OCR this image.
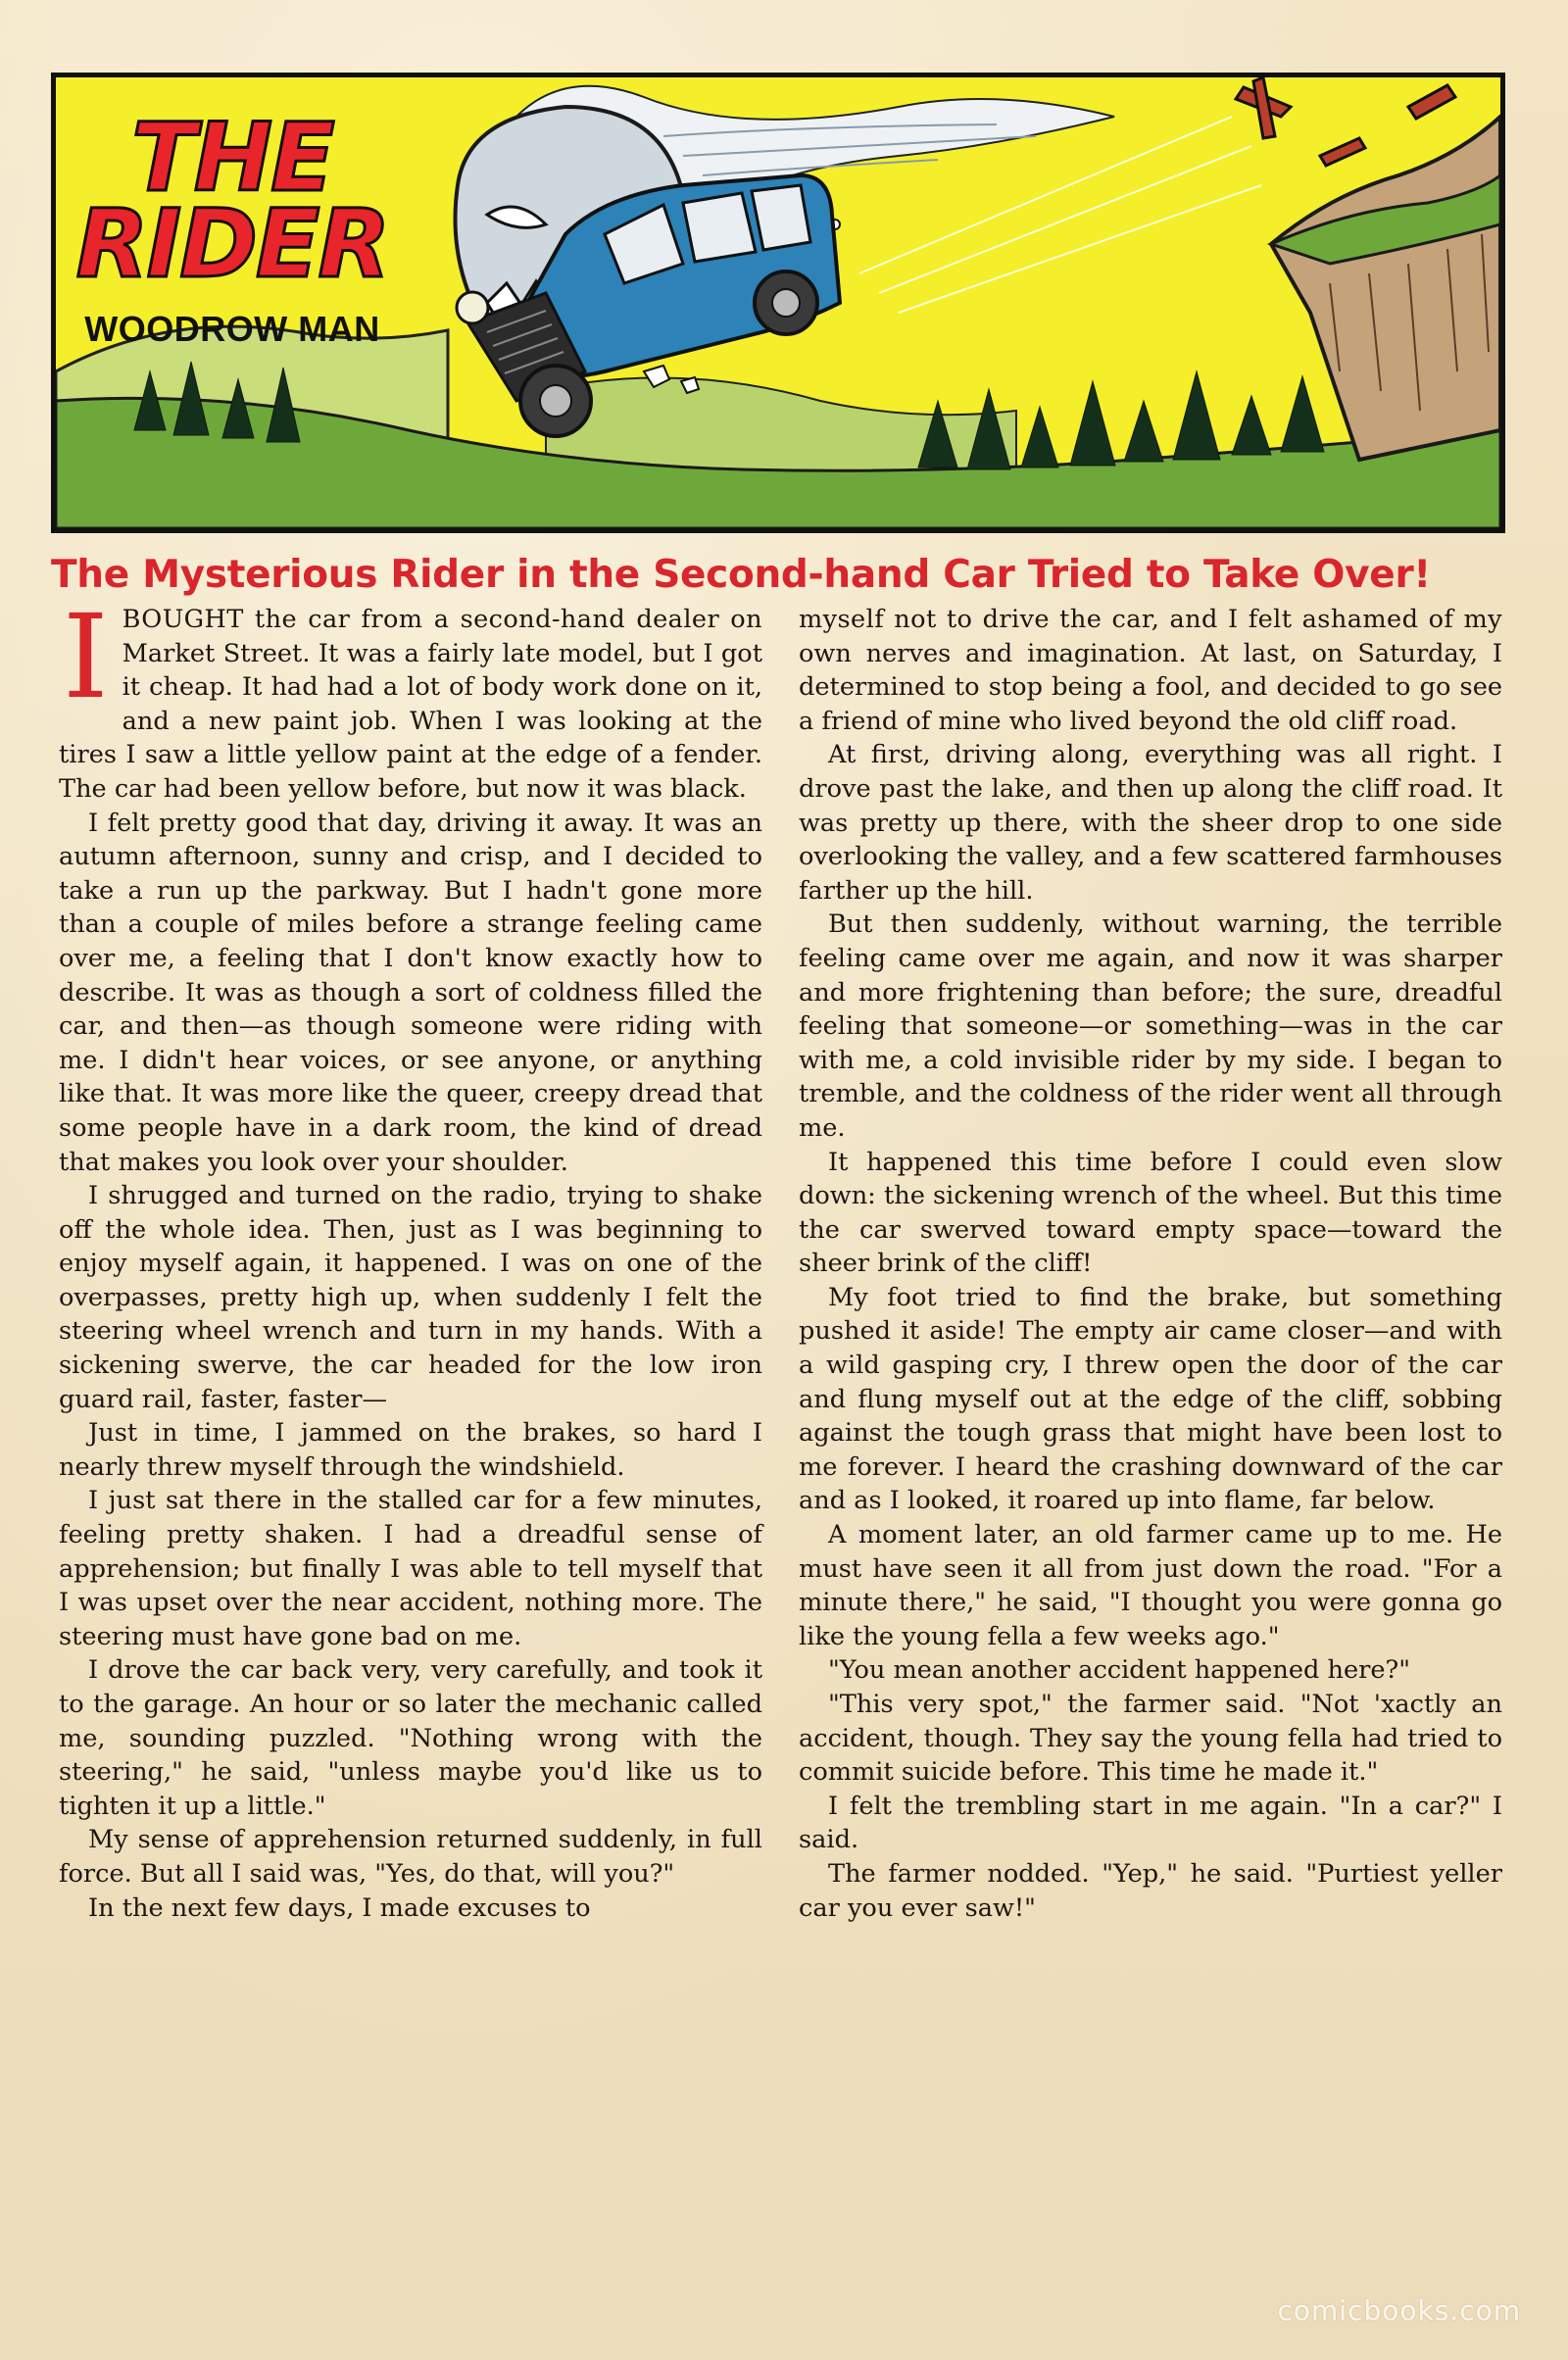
THE
RIDER
WOODROW MAN
The Mysterious Rider in the Second-hand Car Tried to Take Over!

IBOUGHT the car from a second-hand dealer on Market Street. It was a fairly late model, but I got it cheap. It had had a lot of body work done on it, and a new paint job. When I was looking at the tires I saw a little yellow paint at the edge of a fender. The car had been yellow before, but now it was black.

I felt pretty good that day, driving it away. It was an autumn afternoon, sunny and crisp, and I decided to take a run up the parkway. But I hadn't gone more than a couple of miles before a strange feeling came over me, a feeling that I don't know exactly how to describe. It was as though a sort of coldness filled the car, and then—as though someone were riding with me. I didn't hear voices, or see anyone, or anything like that. It was more like the queer, creepy dread that some people have in a dark room, the kind of dread that makes you look over your shoulder.

I shrugged and turned on the radio, trying to shake off the whole idea. Then, just as I was beginning to enjoy myself again, it happened. I was on one of the overpasses, pretty high up, when suddenly I felt the steering wheel wrench and turn in my hands. With a sickening swerve, the car headed for the low iron guard rail, faster, faster—

Just in time, I jammed on the brakes, so hard I nearly threw myself through the windshield.

I just sat there in the stalled car for a few minutes, feeling pretty shaken. I had a dreadful sense of apprehension; but finally I was able to tell myself that I was upset over the near accident, nothing more. The steering must have gone bad on me.

I drove the car back very, very carefully, and took it to the garage. An hour or so later the mechanic called me, sounding puzzled. "Nothing wrong with the steering," he said, "unless maybe you'd like us to tighten it up a little."

My sense of apprehension returned suddenly, in full force. But all I said was, "Yes, do that, will you?"

In the next few days, I made excuses to

myself not to drive the car, and I felt ashamed of my own nerves and imagination. At last, on Saturday, I determined to stop being a fool, and decided to go see a friend of mine who lived beyond the old cliff road.

At first, driving along, everything was all right. I drove past the lake, and then up along the cliff road. It was pretty up there, with the sheer drop to one side overlooking the valley, and a few scattered farmhouses farther up the hill.

But then suddenly, without warning, the terrible feeling came over me again, and now it was sharper and more frightening than before; the sure, dreadful feeling that someone—or something—was in the car with me, a cold invisible rider by my side. I began to tremble, and the coldness of the rider went all through me.

It happened this time before I could even slow down: the sickening wrench of the wheel. But this time the car swerved toward empty space—toward the sheer brink of the cliff!

My foot tried to find the brake, but something pushed it aside! The empty air came closer—and with a wild gasping cry, I threw open the door of the car and flung myself out at the edge of the cliff, sobbing against the tough grass that might have been lost to me forever. I heard the crashing downward of the car and as I looked, it roared up into flame, far below.

A moment later, an old farmer came up to me. He must have seen it all from just down the road. "For a minute there," he said, "I thought you were gonna go like the young fella a few weeks ago."

"You mean another accident happened here?"

"This very spot," the farmer said. "Not 'xactly an accident, though. They say the young fella had tried to commit suicide before. This time he made it."

I felt the trembling start in me again. "In a car?" I said.

The farmer nodded. "Yep," he said. "Purtiest yeller car you ever saw!"

comicbooks.com
